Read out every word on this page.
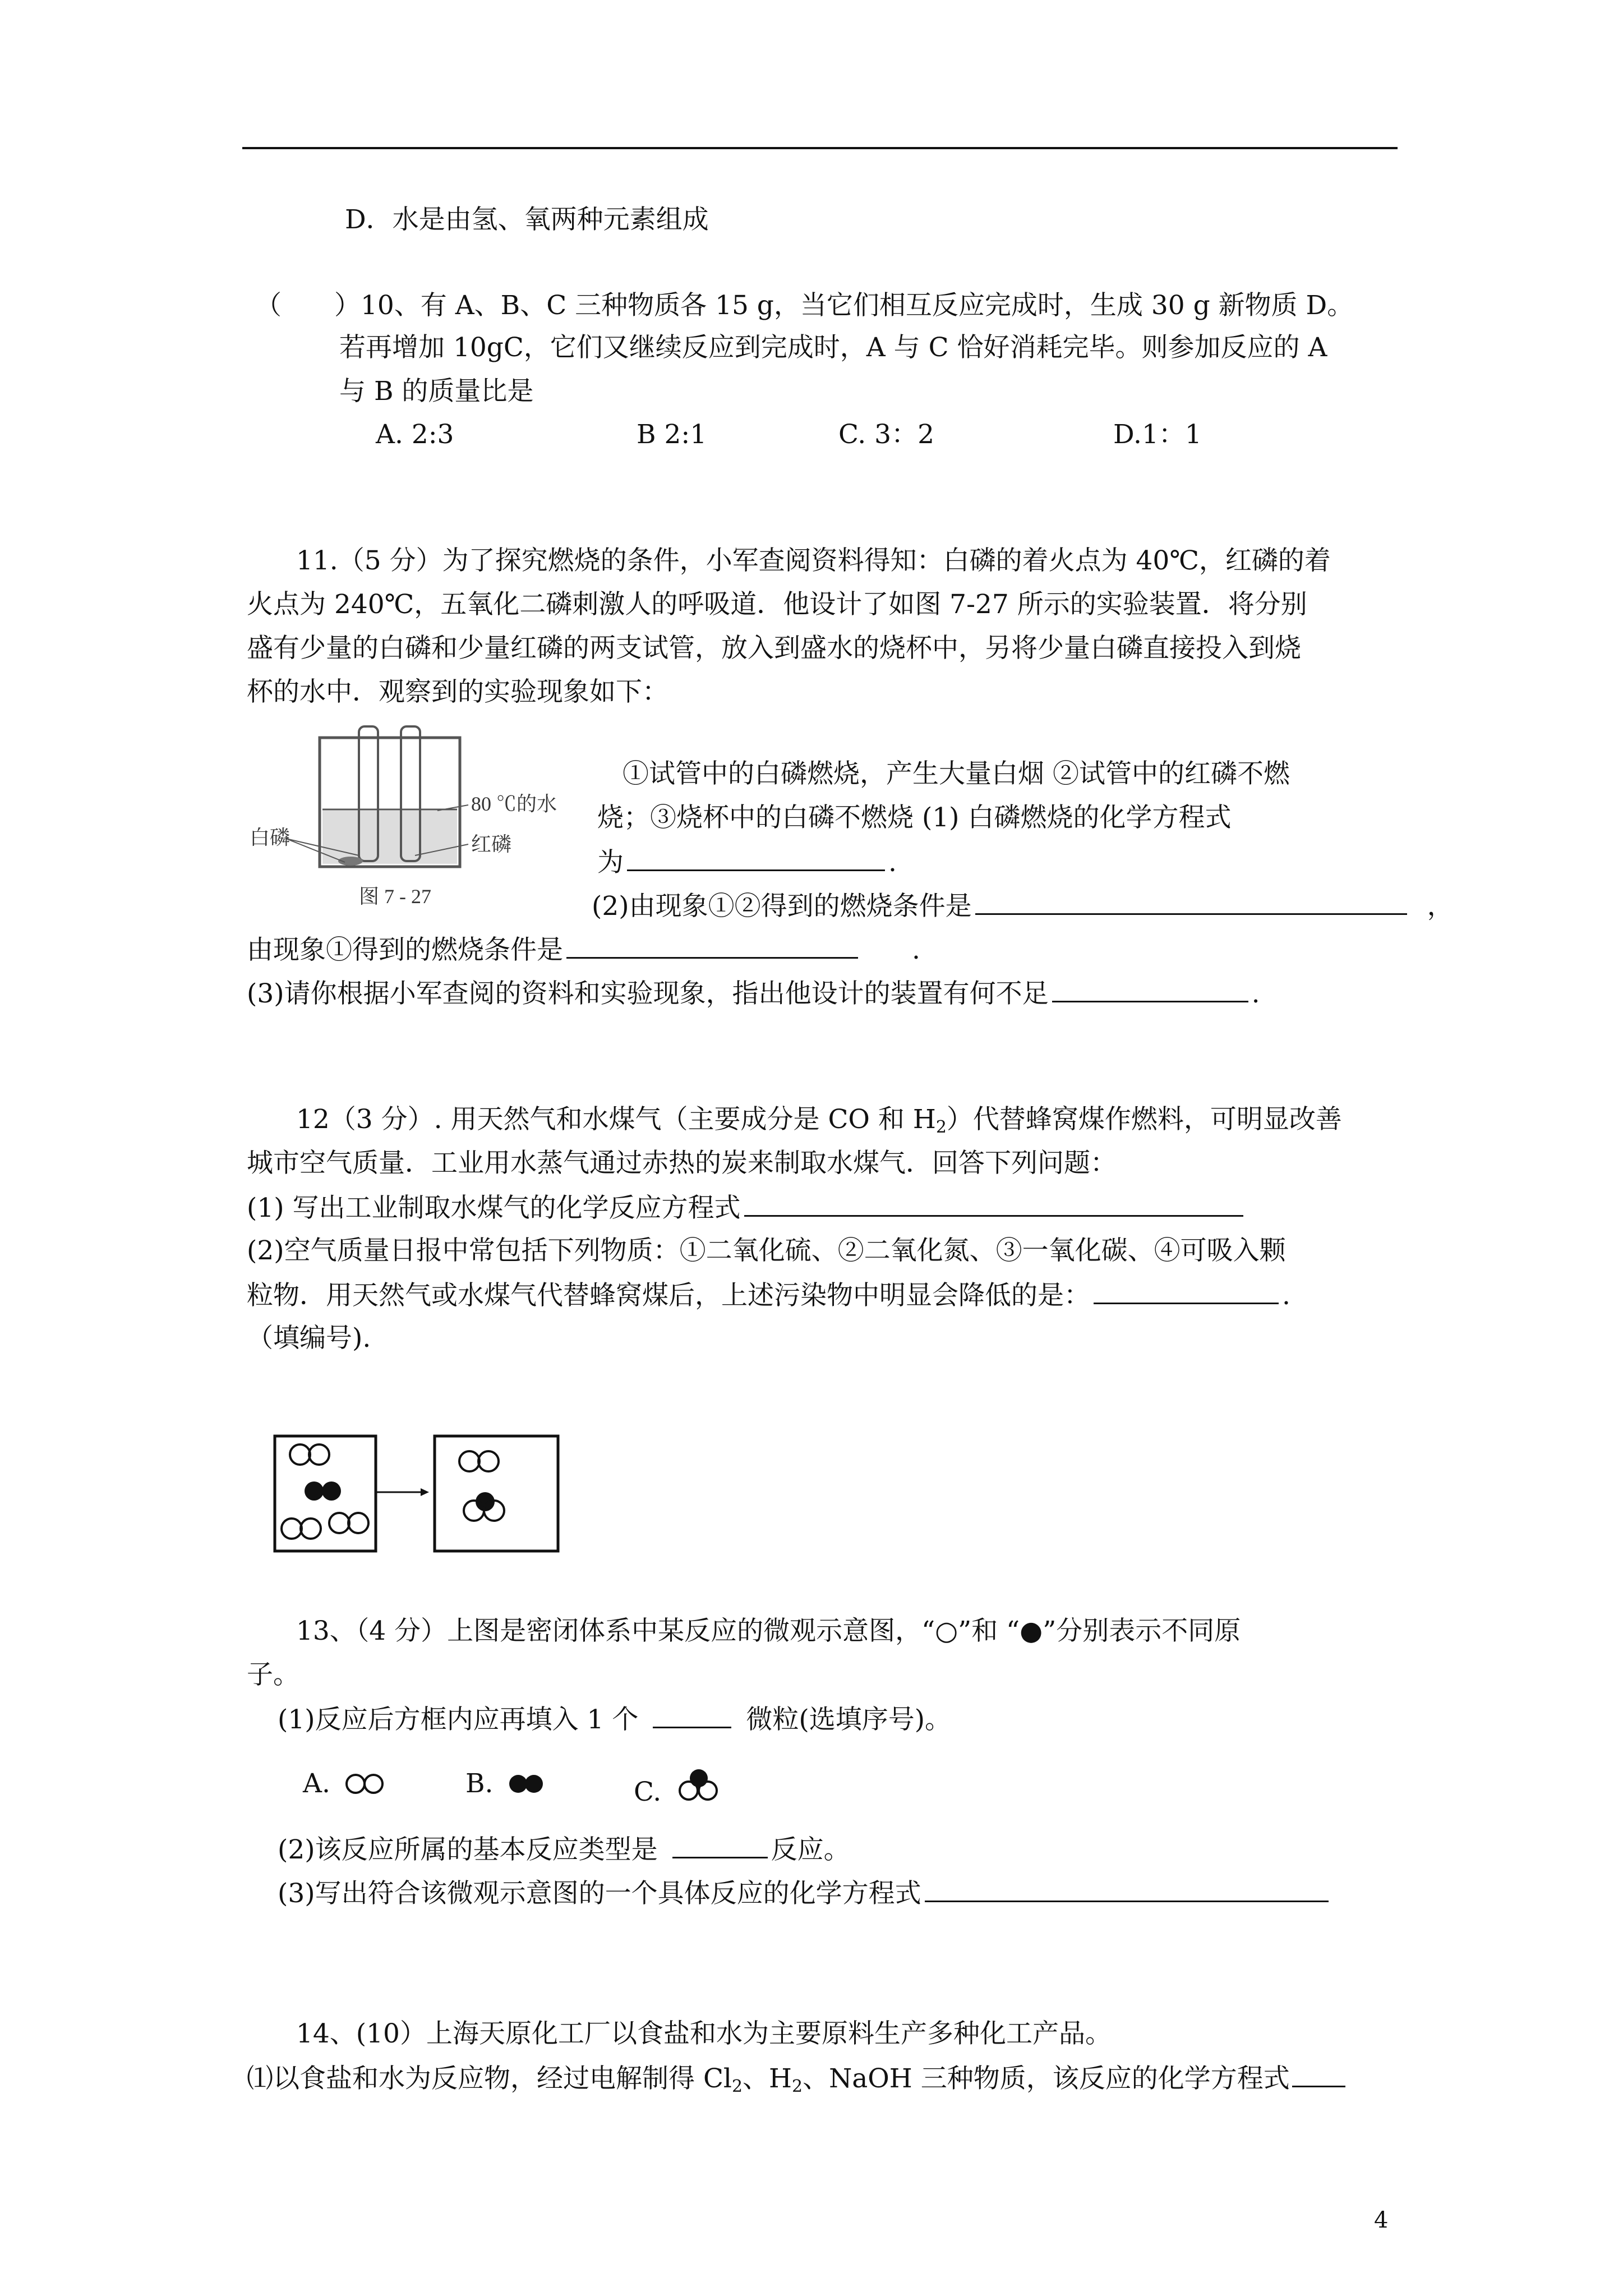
D．水是由氢、氧两种元素组成
（　　）10、有 A、B、C 三种物质各 15 g，当它们相互反应完成时，生成 30 g 新物质 D。
若再增加 10gC，它们又继续反应到完成时，A 与 C 恰好消耗完毕。则参加反应的 A
与 B 的质量比是
A. 2:3	B 2:1	C. 3：2	D.1：1
11.（5 分）为了探究燃烧的条件，小军查阅资料得知：白磷的着火点为 40℃，红磷的着
火点为 240℃，五氧化二磷刺激人的呼吸道．他设计了如图 7-27 所示的实验装置．将分别
盛有少量的白磷和少量红磷的两支试管，放入到盛水的烧杯中，另将少量白磷直接投入到烧
杯的水中．观察到的实验现象如下：
80 ℃的水
白磷	红磷
图 7 - 27
①试管中的白磷燃烧，产生大量白烟 ②试管中的红磷不燃
烧；③烧杯中的白磷不燃烧 (1) 白磷燃烧的化学方程式
为	.
(2)由现象①②得到的燃烧条件是	，
由现象①得到的燃烧条件是	.
(3)请你根据小军查阅的资料和实验现象，指出他设计的装置有何不足	.
12（3 分）. 用天然气和水煤气（主要成分是 CO 和 $H_2$）代替蜂窝煤作燃料，可明显改善
城市空气质量．工业用水蒸气通过赤热的炭来制取水煤气．回答下列问题：
(1) 写出工业制取水煤气的化学反应方程式
(2)空气质量日报中常包括下列物质：①二氧化硫、②二氧化氮、③一氧化碳、④可吸入颗
粒物．用天然气或水煤气代替蜂窝煤后，上述污染物中明显会降低的是：	.
（填编号).
13、（4 分）上图是密闭体系中某反应的微观示意图，“○”和 “●”分别表示不同原
子。
(1)反应后方框内应再填入 1 个	微粒(选填序号)。
A.	B.	C.
(2)该反应所属的基本反应类型是	反应。
(3)写出符合该微观示意图的一个具体反应的化学方程式
14、(10）上海天原化工厂以食盐和水为主要原料生产多种化工产品。
⑴以食盐和水为反应物，经过电解制得 $Cl_2$、$H_2$、NaOH 三种物质，该反应的化学方程式
4
